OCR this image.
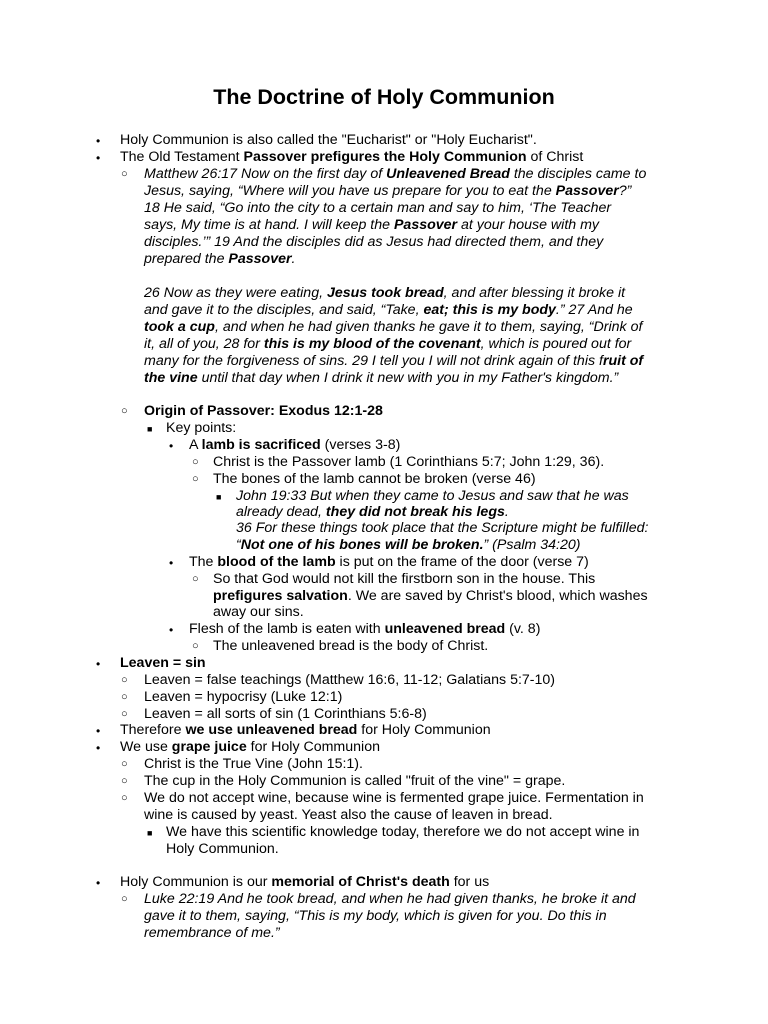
The Doctrine of Holy Communion
• Holy Communion is also called the "Eucharist" or "Holy Eucharist".
• The Old Testament Passover prefigures the Holy Communion of Christ
○ Matthew 26:17 Now on the first day of Unleavened Bread the disciples came to
Jesus, saying, “Where will you have us prepare for you to eat the Passover?”
18 He said, “Go into the city to a certain man and say to him, ‘The Teacher
says, My time is at hand. I will keep the Passover at your house with my
disciples.’” 19 And the disciples did as Jesus had directed them, and they
prepared the Passover.
26 Now as they were eating, Jesus took bread, and after blessing it broke it
and gave it to the disciples, and said, “Take, eat; this is my body.” 27 And he
took a cup, and when he had given thanks he gave it to them, saying, “Drink of
it, all of you, 28 for this is my blood of the covenant, which is poured out for
many for the forgiveness of sins. 29 I tell you I will not drink again of this fruit of
the vine until that day when I drink it new with you in my Father's kingdom.”
○ Origin of Passover: Exodus 12:1-28
■ Key points:
• A lamb is sacrificed (verses 3-8)
○ Christ is the Passover lamb (1 Corinthians 5:7; John 1:29, 36).
○ The bones of the lamb cannot be broken (verse 46)
■ John 19:33 But when they came to Jesus and saw that he was
already dead, they did not break his legs.
36 For these things took place that the Scripture might be fulfilled:
“Not one of his bones will be broken.” (Psalm 34:20)
• The blood of the lamb is put on the frame of the door (verse 7)
○ So that God would not kill the firstborn son in the house. This
prefigures salvation. We are saved by Christ's blood, which washes
away our sins.
• Flesh of the lamb is eaten with unleavened bread (v. 8)
○ The unleavened bread is the body of Christ.
• Leaven = sin
○ Leaven = false teachings (Matthew 16:6, 11-12; Galatians 5:7-10)
○ Leaven = hypocrisy (Luke 12:1)
○ Leaven = all sorts of sin (1 Corinthians 5:6-8)
• Therefore we use unleavened bread for Holy Communion
• We use grape juice for Holy Communion
○ Christ is the True Vine (John 15:1).
○ The cup in the Holy Communion is called "fruit of the vine" = grape.
○ We do not accept wine, because wine is fermented grape juice. Fermentation in
wine is caused by yeast. Yeast also the cause of leaven in bread.
■ We have this scientific knowledge today, therefore we do not accept wine in
Holy Communion.
• Holy Communion is our memorial of Christ's death for us
○ Luke 22:19 And he took bread, and when he had given thanks, he broke it and
gave it to them, saying, “This is my body, which is given for you. Do this in
remembrance of me.”
